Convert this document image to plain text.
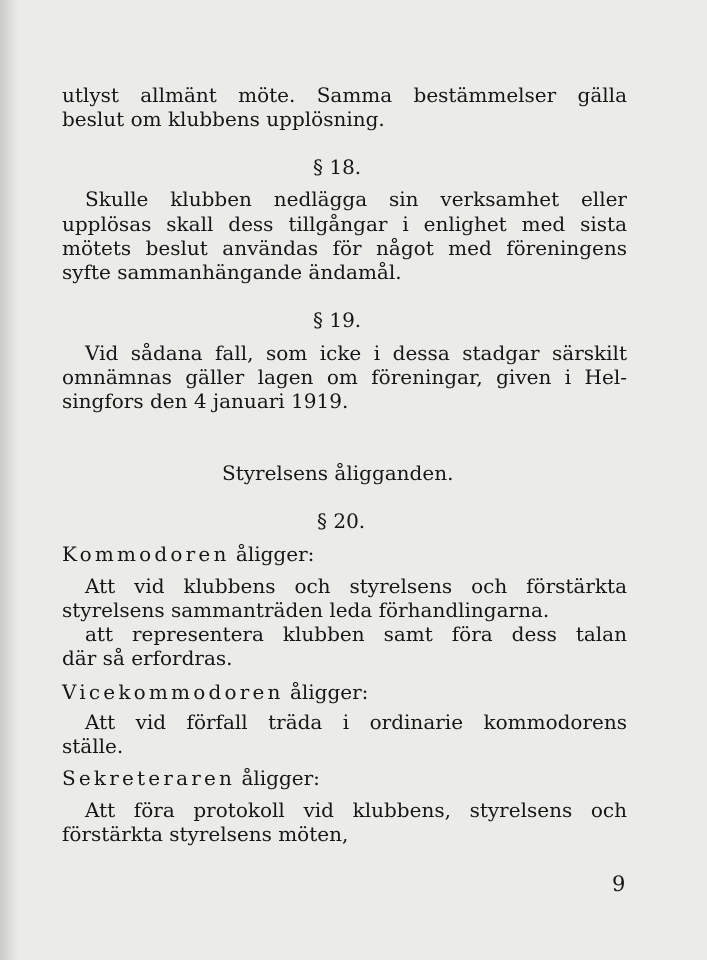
utlyst allmänt möte. Samma bestämmelser gälla
beslut om klubbens upplösning.
§ 18.
Skulle klubben nedlägga sin verksamhet eller
upplösas skall dess tillgångar i enlighet med sista
mötets beslut användas för något med föreningens
syfte sammanhängande ändamål.
§ 19.
Vid sådana fall, som icke i dessa stadgar särskilt
omnämnas gäller lagen om föreningar, given i Hel-
singfors den 4 januari 1919.
Styrelsens åligganden.
§ 20.
Kommodoren åligger:
Att vid klubbens och styrelsens och förstärkta
styrelsens sammanträden leda förhandlingarna.
att representera klubben samt föra dess talan
där så erfordras.
Vicekommodoren åligger:
Att vid förfall träda i ordinarie kommodorens
ställe.
Sekreteraren åligger:
Att föra protokoll vid klubbens, styrelsens och
förstärkta styrelsens möten,
9
